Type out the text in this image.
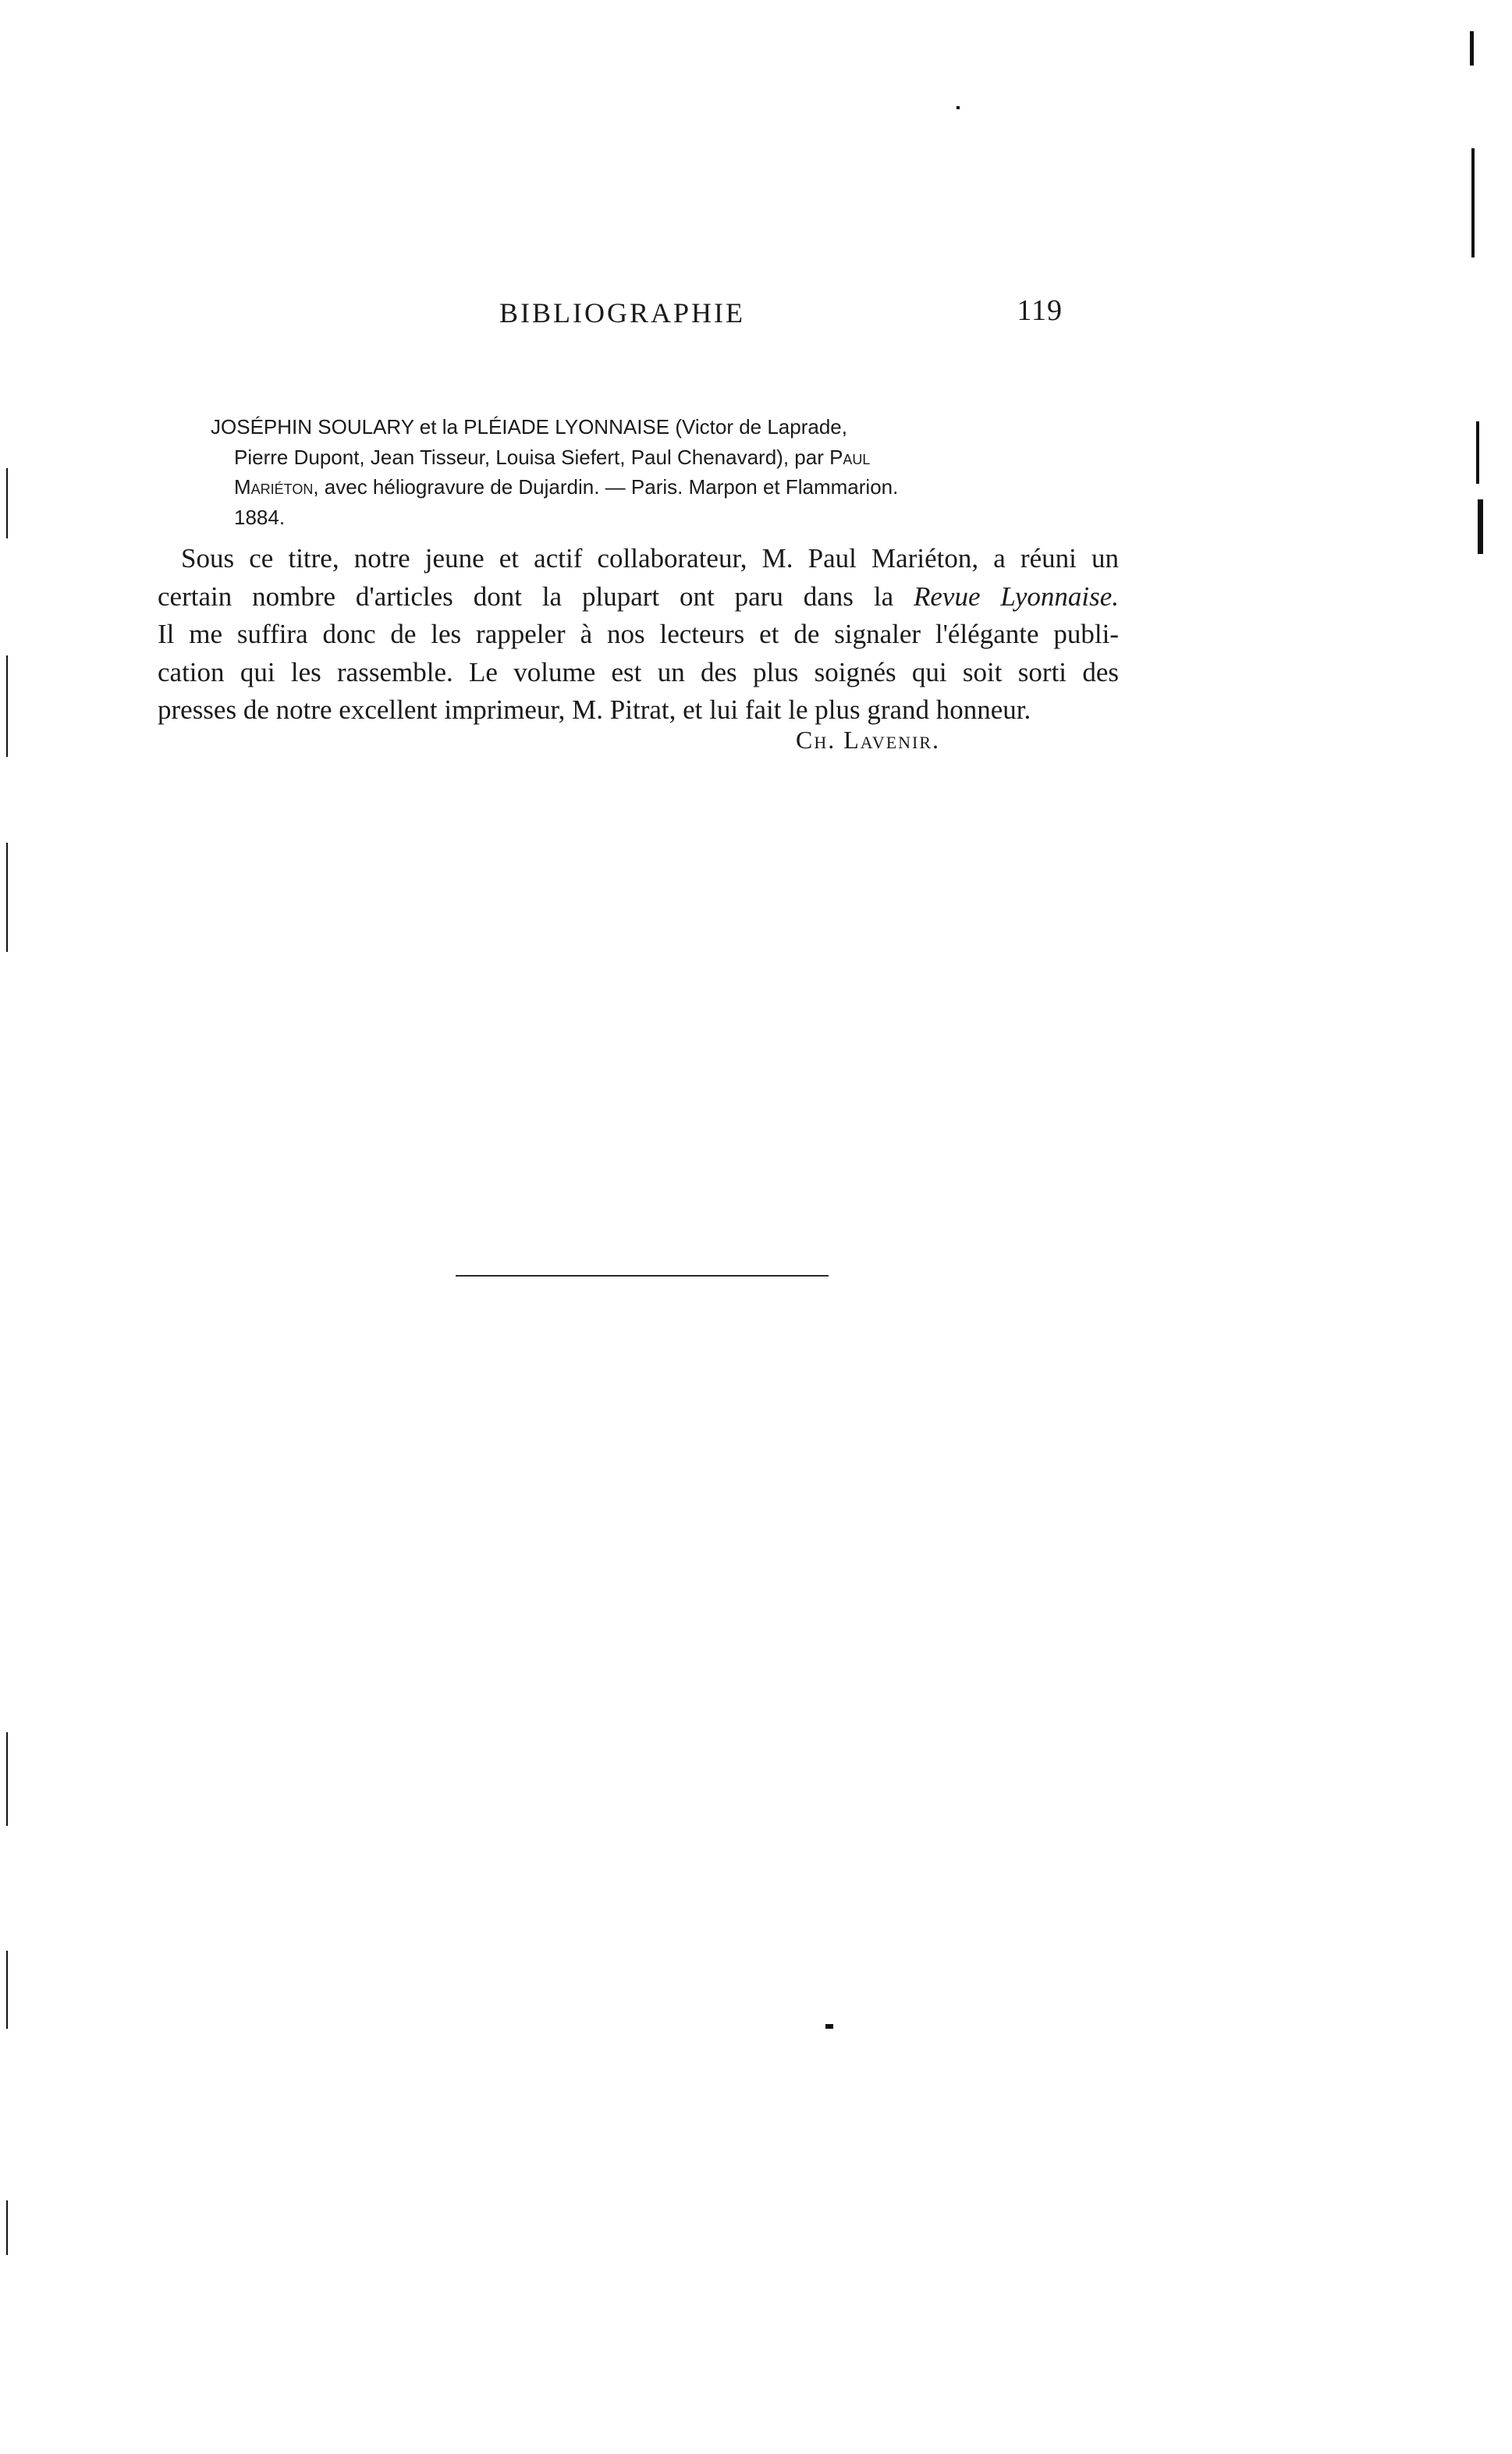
BIBLIOGRAPHIE	119
JOSÉPHIN SOULARY et la PLÉIADE LYONNAISE (Victor de Laprade,
Pierre Dupont, Jean Tisseur, Louisa Siefert, Paul Chenavard), par Paul
Mariéton, avec héliogravure de Dujardin. — Paris. Marpon et Flammarion.
1884.
Sous ce titre, notre jeune et actif collaborateur, M. Paul Mariéton, a réuni un
certain nombre d'articles dont la plupart ont paru dans la Revue Lyonnaise.
Il me suffira donc de les rappeler à nos lecteurs et de signaler l'élégante publi-
cation qui les rassemble. Le volume est un des plus soignés qui soit sorti des
presses de notre excellent imprimeur, M. Pitrat, et lui fait le plus grand honneur.
Ch. Lavenir.
